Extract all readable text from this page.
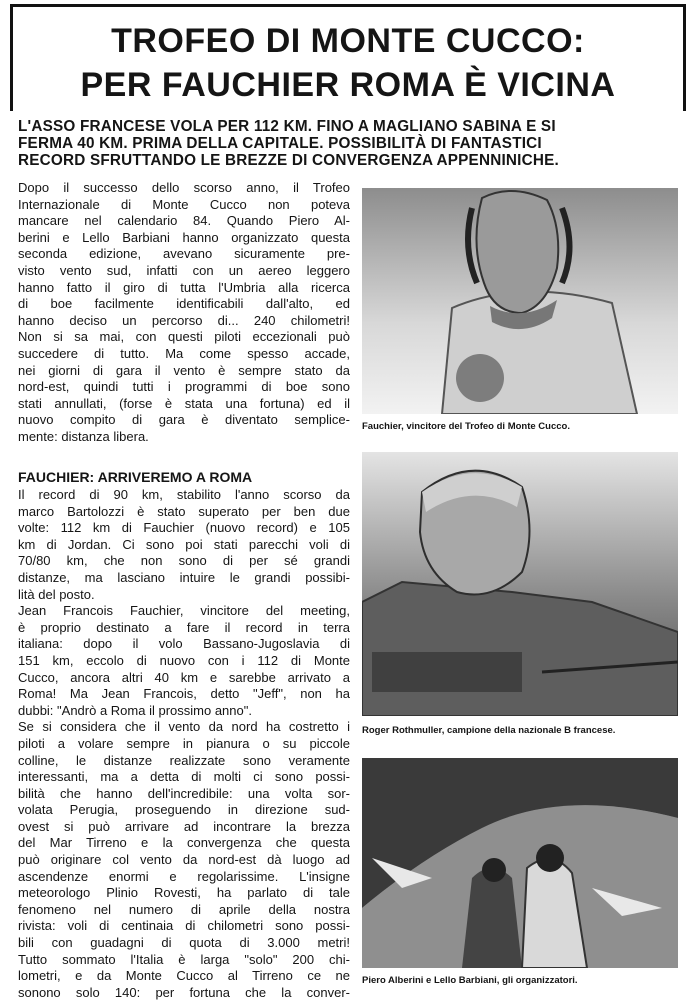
TROFEO DI MONTE CUCCO:
PER FAUCHIER ROMA È VICINA
L'ASSO FRANCESE VOLA PER 112 KM. FINO A MAGLIANO SABINA E SI
FERMA 40 KM. PRIMA DELLA CAPITALE. POSSIBILITÀ DI FANTASTICI
RECORD SFRUTTANDO LE BREZZE DI CONVERGENZA APPENNINICHE.
Dopo il successo dello scorso anno, il Trofeo
Internazionale di Monte Cucco non poteva
mancare nel calendario 84. Quando Piero Al-
berini e Lello Barbiani hanno organizzato questa
seconda edizione, avevano sicuramente pre-
visto vento sud, infatti con un aereo leggero
hanno fatto il giro di tutta l'Umbria alla ricerca
di boe facilmente identificabili dall'alto, ed
hanno deciso un percorso di... 240 chilometri!
Non si sa mai, con questi piloti eccezionali può
succedere di tutto. Ma come spesso accade,
nei giorni di gara il vento è sempre stato da
nord-est, quindi tutti i programmi di boe sono
stati annullati, (forse è stata una fortuna) ed il
nuovo compito di gara è diventato semplice-
mente: distanza libera.
FAUCHIER: ARRIVEREMO A ROMA
Il record di 90 km, stabilito l'anno scorso da
marco Bartolozzi è stato superato per ben due
volte: 112 km di Fauchier (nuovo record) e 105
km di Jordan. Ci sono poi stati parecchi voli di
70/80 km, che non sono di per sé grandi
distanze, ma lasciano intuire le grandi possibi-
lità del posto.
Jean Francois Fauchier, vincitore del meeting,
è proprio destinato a fare il record in terra
italiana: dopo il volo Bassano-Jugoslavia di
151 km, eccolo di nuovo con i 112 di Monte
Cucco, ancora altri 40 km e sarebbe arrivato a
Roma! Ma Jean Francois, detto "Jeff", non ha
dubbi: "Andrò a Roma il prossimo anno".
Se si considera che il vento da nord ha costretto i
piloti a volare sempre in pianura o su piccole
colline, le distanze realizzate sono veramente
interessanti, ma a detta di molti ci sono possi-
bilità che hanno dell'incredibile: una volta sor-
volata Perugia, proseguendo in direzione sud-
ovest si può arrivare ad incontrare la brezza
del Mar Tirreno e la convergenza che questa
può originare col vento da nord-est dà luogo ad
ascendenze enormi e regolarissime. L'insigne
meteorologo Plinio Rovesti, ha parlato di tale
fenomeno nel numero di aprile della nostra
rivista: voli di centinaia di chilometri sono possi-
bili con guadagni di quota di 3.000 metri!
Tutto sommato l'Italia è larga "solo" 200 chi-
lometri, e da Monte Cucco al Tirreno ce ne
sonono solo 140: per fortuna che la conver-
Fauchier, vincitore del Trofeo di Monte Cucco.
Roger Rothmuller, campione della nazionale B francese.
Piero Alberini e Lello Barbiani, gli organizzatori.
